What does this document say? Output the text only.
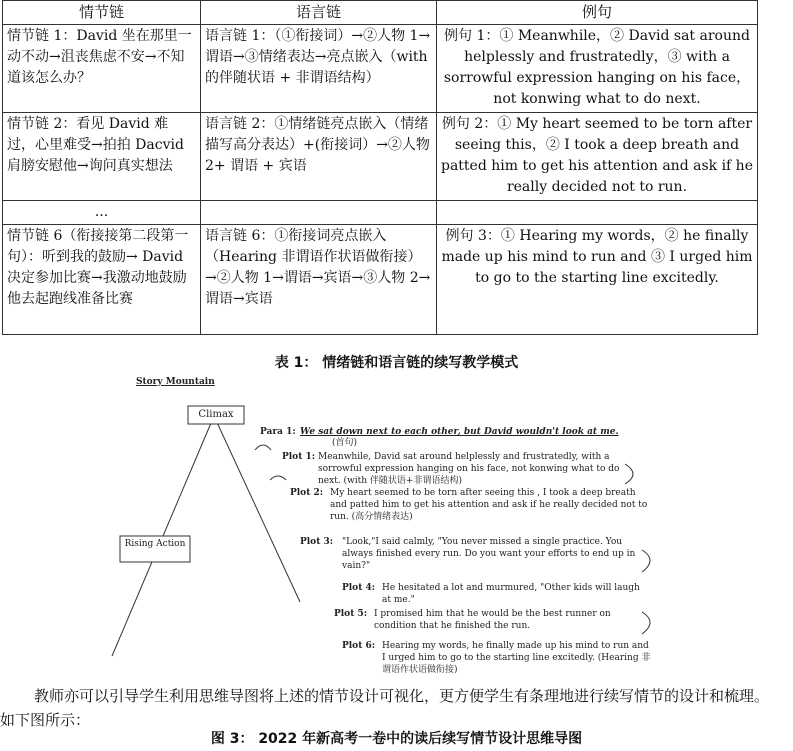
情节链	语言链	例句
情节链 1：David 坐在那里一动不动→沮丧焦虑不安→不知道该怎么办？	语言链 1：（①衔接词）→②人物 1→谓语→③情绪表达→亮点嵌入（with 的伴随状语 + 非谓语结构）	例句 1：① Meanwhile，② David sat around helplessly and frustratedly，③ with a sorrowful expression hanging on his face，not konwing what to do next.
情节链 2：看见 David 难过，心里难受→拍拍 Dacvid 肩膀安慰他→询问真实想法	语言链 2：①情绪链亮点嵌入（情绪描写高分表达）+(衔接词）→②人物 2+ 谓语 + 宾语	例句 2：① My heart seemed to be torn after seeing this，② I took a deep breath and patted him to get his attention and ask if he really decided not to run.
...		
情节链 6（衔接接第二段第一句）：听到我的鼓励→ David 决定参加比赛→我激动地鼓励他去起跑线准备比赛	语言链 6：①衔接词亮点嵌入（Hearing 非谓语作状语做衔接）→②人物 1→谓语→宾语→③人物 2→谓语→宾语	例句 3：① Hearing my words，② he finally made up his mind to run and ③ I urged him to go to the starting line excitedly.
表 1： 情绪链和语言链的续写教学模式
Story Mountain
Climax
Rising Action
Para 1: We sat down next to each other, but David wouldn't look at me.
(首句)
Plot 1: Meanwhile, David sat around helplessly and frustratedly, with a sorrowful expression hanging on his face, not konwing what to do next. (with 伴随状语+非谓语结构)
Plot 2: My heart seemed to be torn after seeing this , I took a deep breath and patted him to get his attention and ask if he really decided not to run. (高分情绪表达)
Plot 3: "Look,"I said calmly, "You never missed a single practice. You always finished every run. Do you want your efforts to end up in vain?"
Plot 4: He hesitated a lot and murmured, "Other kids will laugh at me."
Plot 5: I promised him that he would be the best runner on condition that he finished the run.
Plot 6: Hearing my words, he finally made up his mind to run and I urged him to go to the starting line excitedly. (Hearing 非谓语作状语做衔接)
教师亦可以引导学生利用思维导图将上述的情节设计可视化，更方便学生有条理地进行续写情节的设计和梳理。如下图所示：
图 3： 2022 年新高考一卷中的读后续写情节设计思维导图
